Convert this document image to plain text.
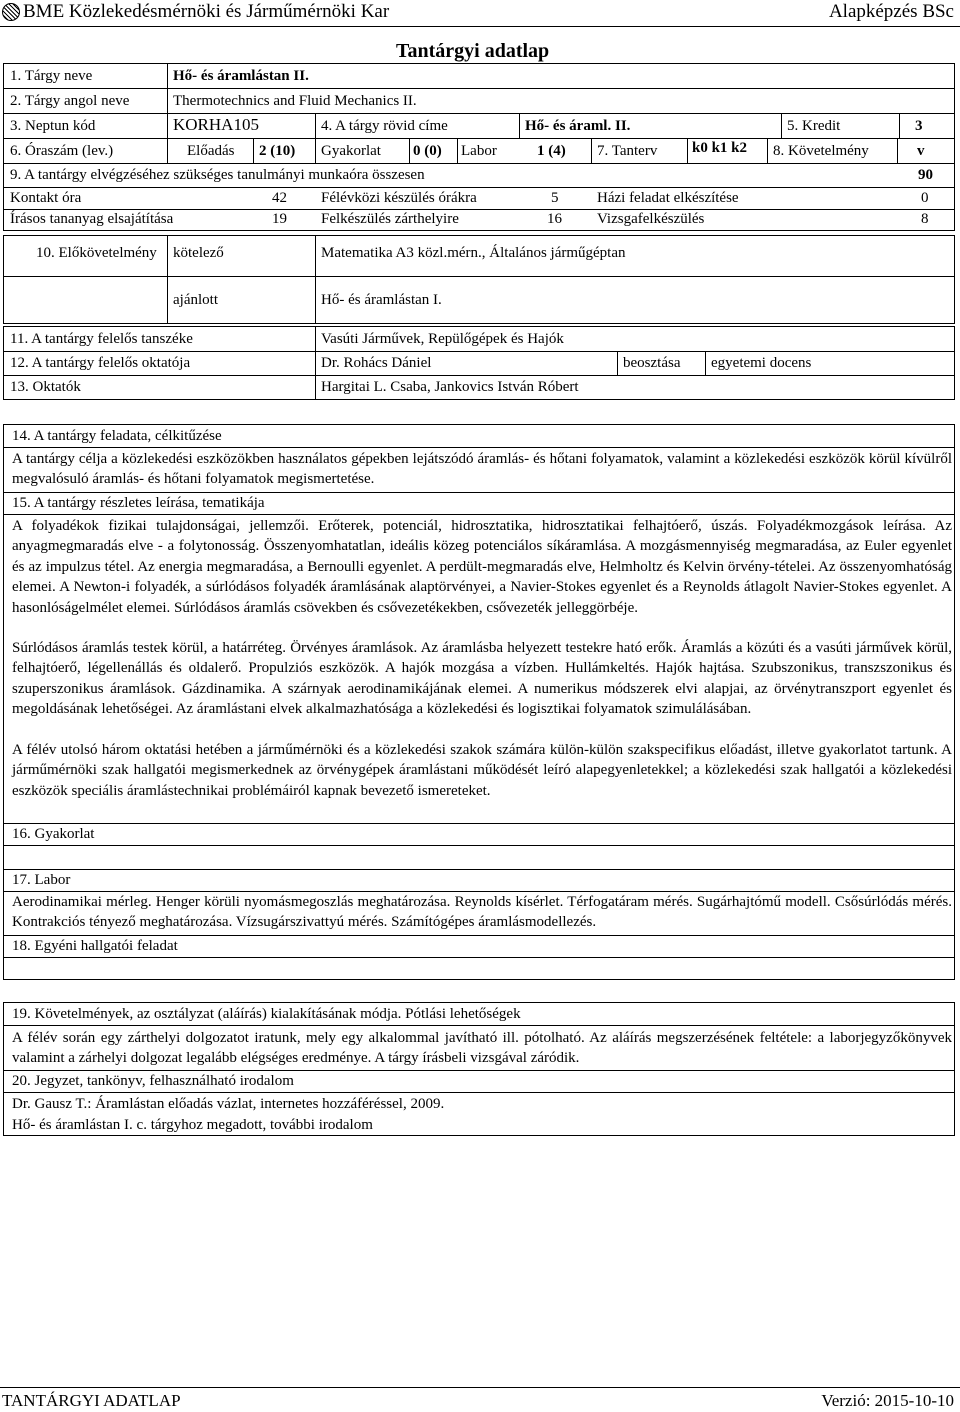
BME Közlekedésmérnöki és Járműmérnöki Kar	Alapképzés BSc
Tantárgyi adatlap
1. Tárgy neve	Hő- és áramlástan II.
2. Tárgy angol neve	Thermotechnics and Fluid Mechanics II.
3. Neptun kód	KORHA105	4. A tárgy rövid címe	Hő- és áraml. II.	5. Kredit	3
6. Óraszám (lev.)	Előadás 2 (10) Gyakorlat 0 (0) Labor	1 (4) 7. Tanterv k0 k1 k2 8. Követelmény	v
9. A tantárgy elvégzéséhez szükséges tanulmányi munkaóra összesen	90
Kontakt óra	42 Félévközi készülés órákra	5	Házi feladat elkészítése	0
Írásos tananyag elsajátítása	19 Felkészülés zárthelyire	16 Vizsgafelkészülés	8
10. Előkövetelmény kötelező	Matematika A3 közl.mérn., Általános járműgéptan
ajánlott	Hő- és áramlástan I.
11. A tantárgy felelős tanszéke	Vasúti Járművek, Repülőgépek és Hajók
12. A tantárgy felelős oktatója	Dr. Rohács Dániel	beosztása egyetemi docens
13. Oktatók	Hargitai L. Csaba, Jankovics István Róbert
14. A tantárgy feladata, célkitűzése
A tantárgy célja a közlekedési eszközökben használatos gépekben lejátszódó áramlás- és hőtani folyamatok, valamint a közlekedési eszközök körül kívülről megvalósuló áramlás- és hőtani folyamatok megismertetése.
15. A tantárgy részletes leírása, tematikája
A folyadékok fizikai tulajdonságai, jellemzői. Erőterek, potenciál, hidrosztatika, hidrosztatikai felhajtóerő, úszás. Folyadékmozgások leírása. Az anyagmegmaradás elve - a folytonosság. Összenyomhatatlan, ideális közeg potenciálos síkáramlása. A mozgásmennyiség megmaradása, az Euler egyenlet és az impulzus tétel. Az energia megmaradása, a Bernoulli egyenlet. A perdült-megmaradás elve, Helmholtz és Kelvin örvény-tételei. Az összenyomhatóság elemei. A Newton-i folyadék, a súrlódásos folyadék áramlásának alaptörvényei, a Navier-Stokes egyenlet és a Reynolds átlagolt Navier-Stokes egyenlet. A hasonlóságelmélet elemei. Súrlódásos áramlás csövekben és csővezetékekben, csővezeték jelleggörbéje.
Súrlódásos áramlás testek körül, a határréteg. Örvényes áramlások. Az áramlásba helyezett testekre ható erők. Áramlás a közúti és a vasúti járművek körül, felhajtóerő, légellenállás és oldalerő. Propulziós eszközök. A hajók mozgása a vízben. Hullámkeltés. Hajók hajtása. Szubszonikus, transzszonikus és szuperszonikus áramlások. Gázdinamika. A szárnyak aerodinamikájának elemei. A numerikus módszerek elvi alapjai, az örvénytranszport egyenlet és megoldásának lehetőségei. Az áramlástani elvek alkalmazhatósága a közlekedési és logisztikai folyamatok szimulálásában.
A félév utolsó három oktatási hetében a járműmérnöki és a közlekedési szakok számára külön-külön szakspecifikus előadást, illetve gyakorlatot tartunk. A járműmérnöki szak hallgatói megismerkednek az örvénygépek áramlástani működését leíró alapegyenletekkel; a közlekedési szak hallgatói a közlekedési eszközök speciális áramlástechnikai problémáiról kapnak bevezető ismereteket.
16. Gyakorlat
17. Labor
Aerodinamikai mérleg. Henger körüli nyomásmegoszlás meghatározása. Reynolds kísérlet. Térfogatáram mérés. Sugárhajtómű modell. Csősúrlódás mérés. Kontrakciós tényező meghatározása. Vízsugárszivattyú mérés. Számítógépes áramlásmodellezés.
18. Egyéni hallgatói feladat
19. Követelmények, az osztályzat (aláírás) kialakításának módja. Pótlási lehetőségek
A félév során egy zárthelyi dolgozatot iratunk, mely egy alkalommal javítható ill. pótolható. Az aláírás megszerzésének feltétele: a laborjegyzőkönyvek valamint a zárhelyi dolgozat legalább elégséges eredménye. A tárgy írásbeli vizsgával záródik.
20. Jegyzet, tankönyv, felhasználható irodalom
Dr. Gausz T.: Áramlástan előadás vázlat, internetes hozzáféréssel, 2009.
Hő- és áramlástan I. c. tárgyhoz megadott, további irodalom
TANTÁRGYI ADATLAP	Verzió: 2015-10-10
